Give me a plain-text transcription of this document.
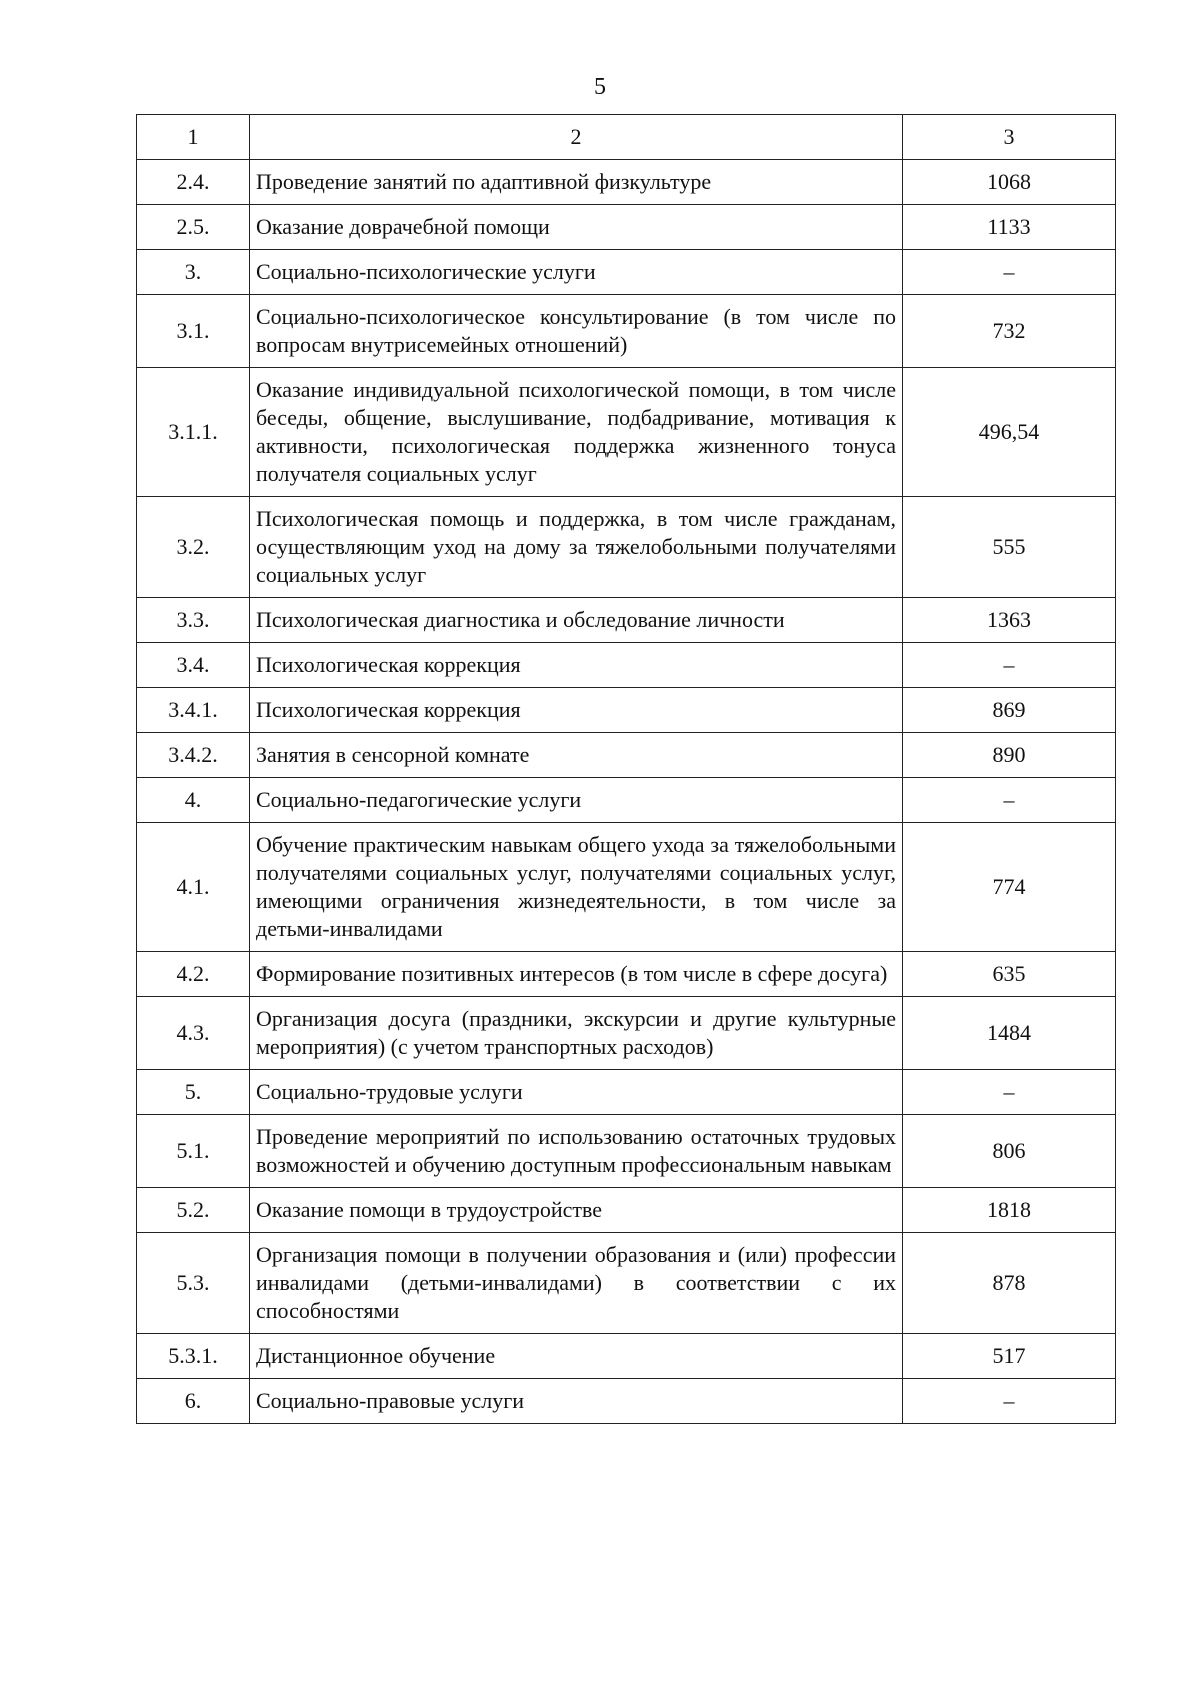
5
1	2	3
2.4.	Проведение занятий по адаптивной физкультуре	1068
2.5.	Оказание доврачебной помощи	1133
3.	Социально-психологические услуги	–
3.1.	Социально-психологическое консультирование (в том числе по вопросам внутрисемейных отношений)	732
3.1.1.	Оказание индивидуальной психологической помощи, в том числе беседы, общение, выслушивание, подбадривание, мотивация к активности, психологическая поддержка жизненного тонуса получателя социальных услуг	496,54
3.2.	Психологическая помощь и поддержка, в том числе гражданам, осуществляющим уход на дому за тяжелобольными получателями социальных услуг	555
3.3.	Психологическая диагностика и обследование личности	1363
3.4.	Психологическая коррекция	–
3.4.1.	Психологическая коррекция	869
3.4.2.	Занятия в сенсорной комнате	890
4.	Социально-педагогические услуги	–
4.1.	Обучение практическим навыкам общего ухода за тяжелобольными получателями социальных услуг, получателями социальных услуг, имеющими ограничения жизнедеятельности, в том числе за детьми-инвалидами	774
4.2.	Формирование позитивных интересов (в том числе в сфере досуга)	635
4.3.	Организация досуга (праздники, экскурсии и другие культурные мероприятия) (с учетом транспортных расходов)	1484
5.	Социально-трудовые услуги	–
5.1.	Проведение мероприятий по использованию остаточных трудовых возможностей и обучению доступным профессиональным навыкам	806
5.2.	Оказание помощи в трудоустройстве	1818
5.3.	Организация помощи в получении образования и (или) профессии инвалидами (детьми-инвалидами) в соответствии с их способностями	878
5.3.1.	Дистанционное обучение	517
6.	Социально-правовые услуги	–
